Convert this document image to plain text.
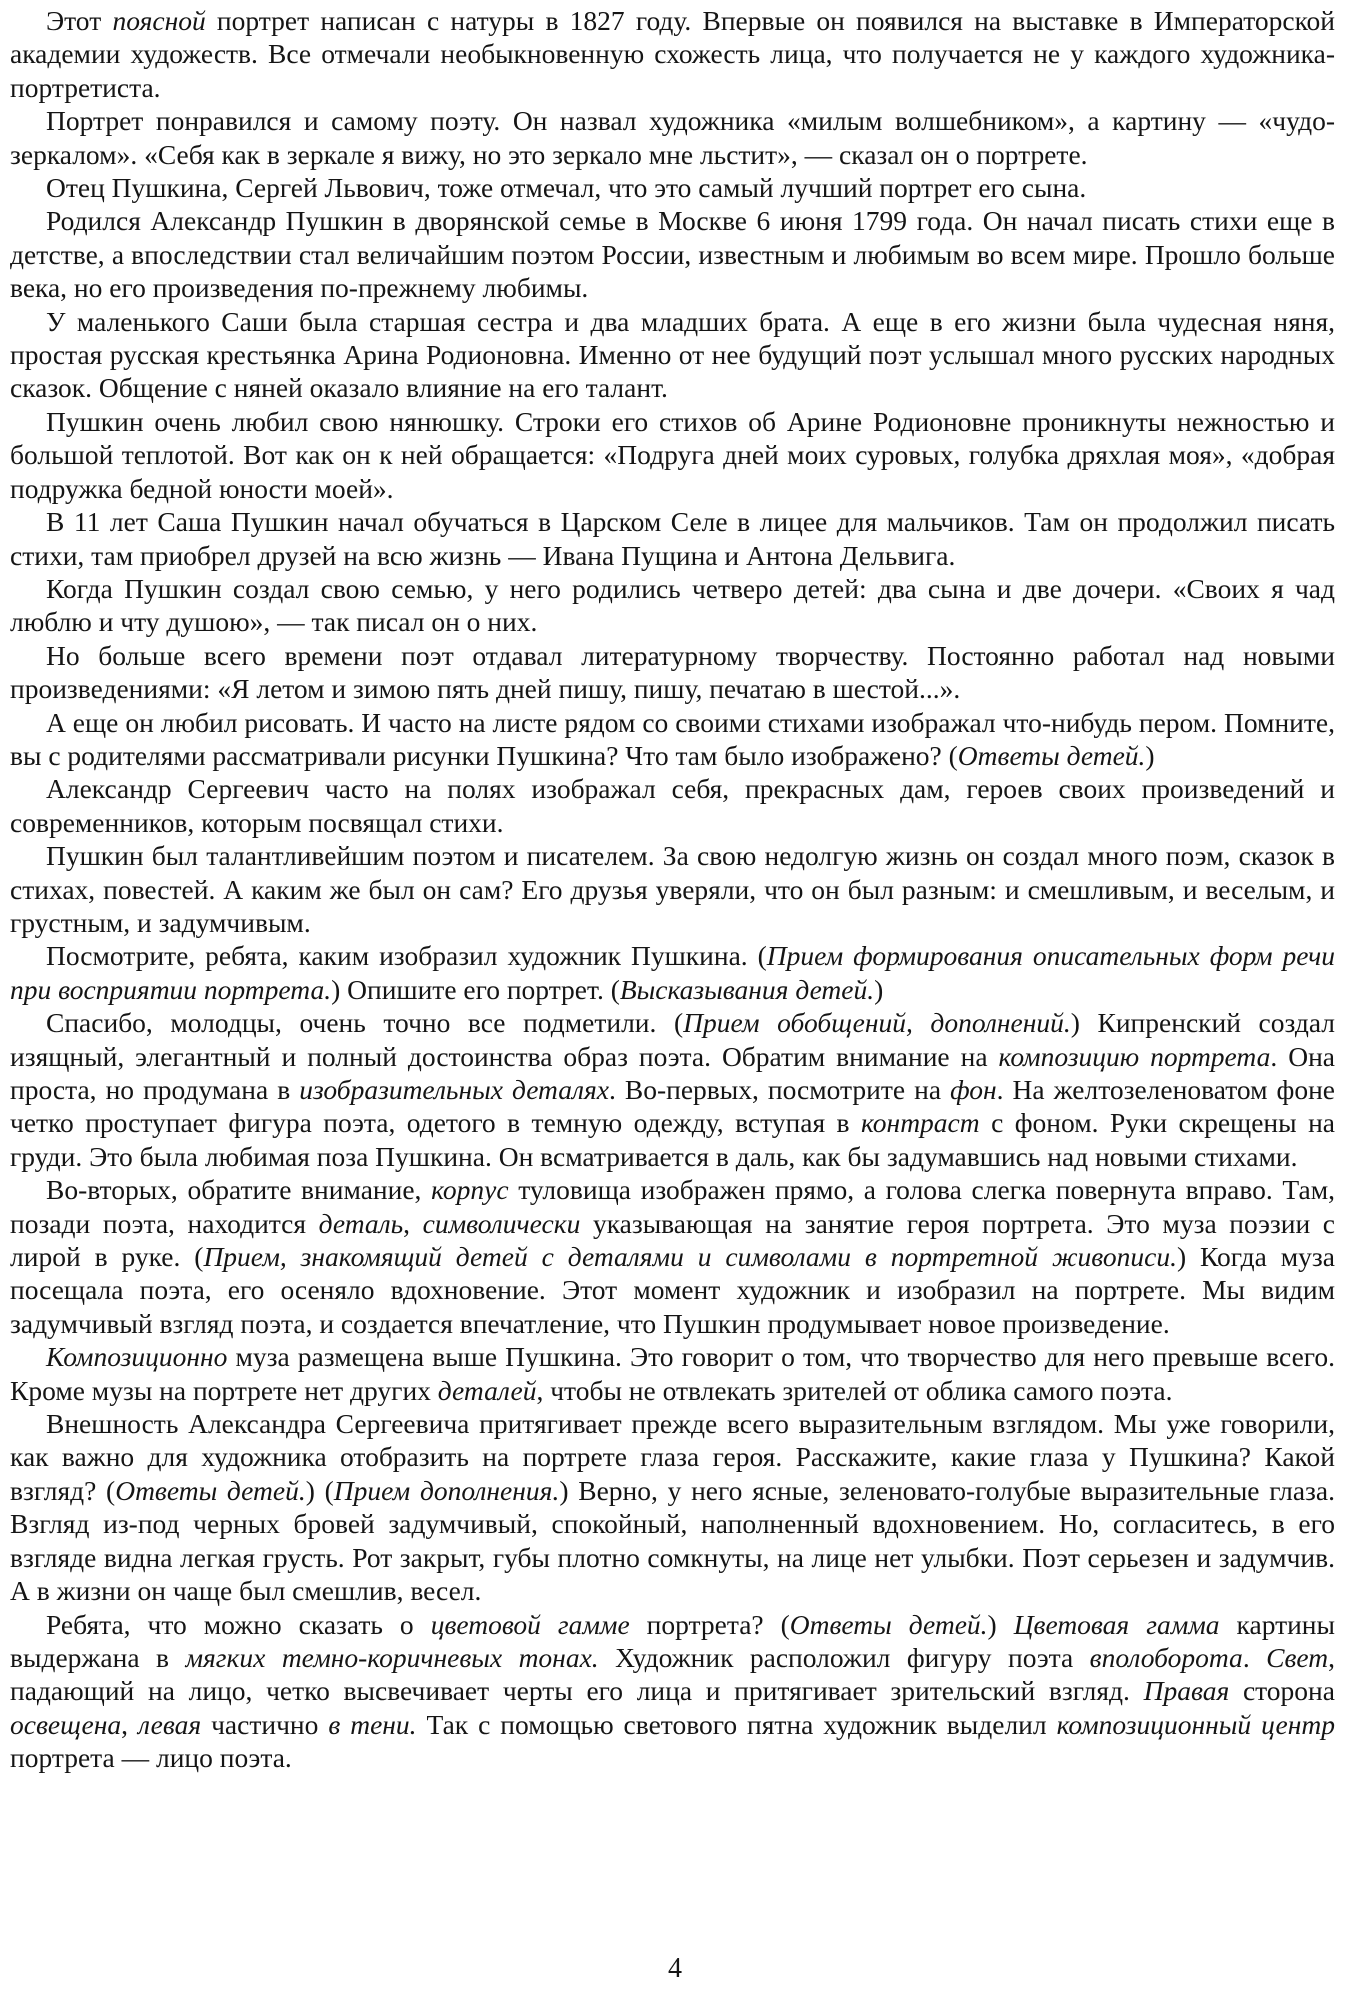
Этот поясной портрет написан с натуры в 1827 году. Впервые он появился на выставке в Императорской академии художеств. Все отмечали необыкновенную схожесть лица, что получается не у каждого художника-портретиста.

Портрет понравился и самому поэту. Он назвал художника «милым волшебником», а картину — «чудо-зеркалом». «Себя как в зеркале я вижу, но это зеркало мне льстит», — сказал он о портрете.

Отец Пушкина, Сергей Львович, тоже отмечал, что это самый лучший портрет его сына.

Родился Александр Пушкин в дворянской семье в Москве 6 июня 1799 года. Он начал писать стихи еще в детстве, а впоследствии стал величайшим поэтом России, известным и любимым во всем мире. Прошло больше века, но его произведения по-прежнему любимы.

У маленького Саши была старшая сестра и два младших брата. А еще в его жизни была чудесная няня, простая русская крестьянка Арина Родионовна. Именно от нее будущий поэт услышал много русских народных сказок. Общение с няней оказало влияние на его талант.

Пушкин очень любил свою нянюшку. Строки его стихов об Арине Родионовне проникнуты нежностью и большой теплотой. Вот как он к ней обращается: «Подруга дней моих суровых, голубка дряхлая моя», «добрая подружка бедной юности моей».

В 11 лет Саша Пушкин начал обучаться в Царском Селе в лицее для мальчиков. Там он продолжил писать стихи, там приобрел друзей на всю жизнь — Ивана Пущина и Антона Дельвига.

Когда Пушкин создал свою семью, у него родились четверо детей: два сына и две дочери. «Своих я чад люблю и чту душою», — так писал он о них.

Но больше всего времени поэт отдавал литературному творчеству. Постоянно работал над новыми произведениями: «Я летом и зимою пять дней пишу, пишу, печатаю в шестой...».

А еще он любил рисовать. И часто на листе рядом со своими стихами изображал что-нибудь пером. Помните, вы с родителями рассматривали рисунки Пушкина? Что там было изображено? (Ответы детей.)

Александр Сергеевич часто на полях изображал себя, прекрасных дам, героев своих произведений и современников, которым посвящал стихи.

Пушкин был талантливейшим поэтом и писателем. За свою недолгую жизнь он создал много поэм, сказок в стихах, повестей. А каким же был он сам? Его друзья уверяли, что он был разным: и смешливым, и веселым, и грустным, и задумчивым.

Посмотрите, ребята, каким изобразил художник Пушкина. (Прием формирования описательных форм речи при восприятии портрета.) Опишите его портрет. (Высказывания детей.)

Спасибо, молодцы, очень точно все подметили. (Прием обобщений, дополнений.) Кипренский создал изящный, элегантный и полный достоинства образ поэта. Обратим внимание на композицию портрета. Она проста, но продумана в изобразительных деталях. Во-первых, посмотрите на фон. На желтозеленоватом фоне четко проступает фигура поэта, одетого в темную одежду, вступая в контраст с фоном. Руки скрещены на груди. Это была любимая поза Пушкина. Он всматривается в даль, как бы задумавшись над новыми стихами.

Во-вторых, обратите внимание, корпус туловища изображен прямо, а голова слегка повернута вправо. Там, позади поэта, находится деталь, символически указывающая на занятие героя портрета. Это муза поэзии с лирой в руке. (Прием, знакомящий детей с деталями и символами в портретной живописи.) Когда муза посещала поэта, его осеняло вдохновение. Этот момент художник и изобразил на портрете. Мы видим задумчивый взгляд поэта, и создается впечатление, что Пушкин продумывает новое произведение.

Композиционно муза размещена выше Пушкина. Это говорит о том, что творчество для него превыше всего. Кроме музы на портрете нет других деталей, чтобы не отвлекать зрителей от облика самого поэта.

Внешность Александра Сергеевича притягивает прежде всего выразительным взглядом. Мы уже говорили, как важно для художника отобразить на портрете глаза героя. Расскажите, какие глаза у Пушкина? Какой взгляд? (Ответы детей.) (Прием дополнения.) Верно, у него ясные, зеленовато-голубые выразительные глаза. Взгляд из-под черных бровей задумчивый, спокойный, наполненный вдохновением. Но, согласитесь, в его взгляде видна легкая грусть. Рот закрыт, губы плотно сомкнуты, на лице нет улыбки. Поэт серьезен и задумчив. А в жизни он чаще был смешлив, весел.

Ребята, что можно сказать о цветовой гамме портрета? (Ответы детей.) Цветовая гамма картины выдержана в мягких темно-коричневых тонах. Художник расположил фигуру поэта вполоборота. Свет, падающий на лицо, четко высвечивает черты его лица и притягивает зрительский взгляд. Правая сторона освещена, левая частично в тени. Так с помощью светового пятна художник выделил композиционный центр портрета — лицо поэта.

4
